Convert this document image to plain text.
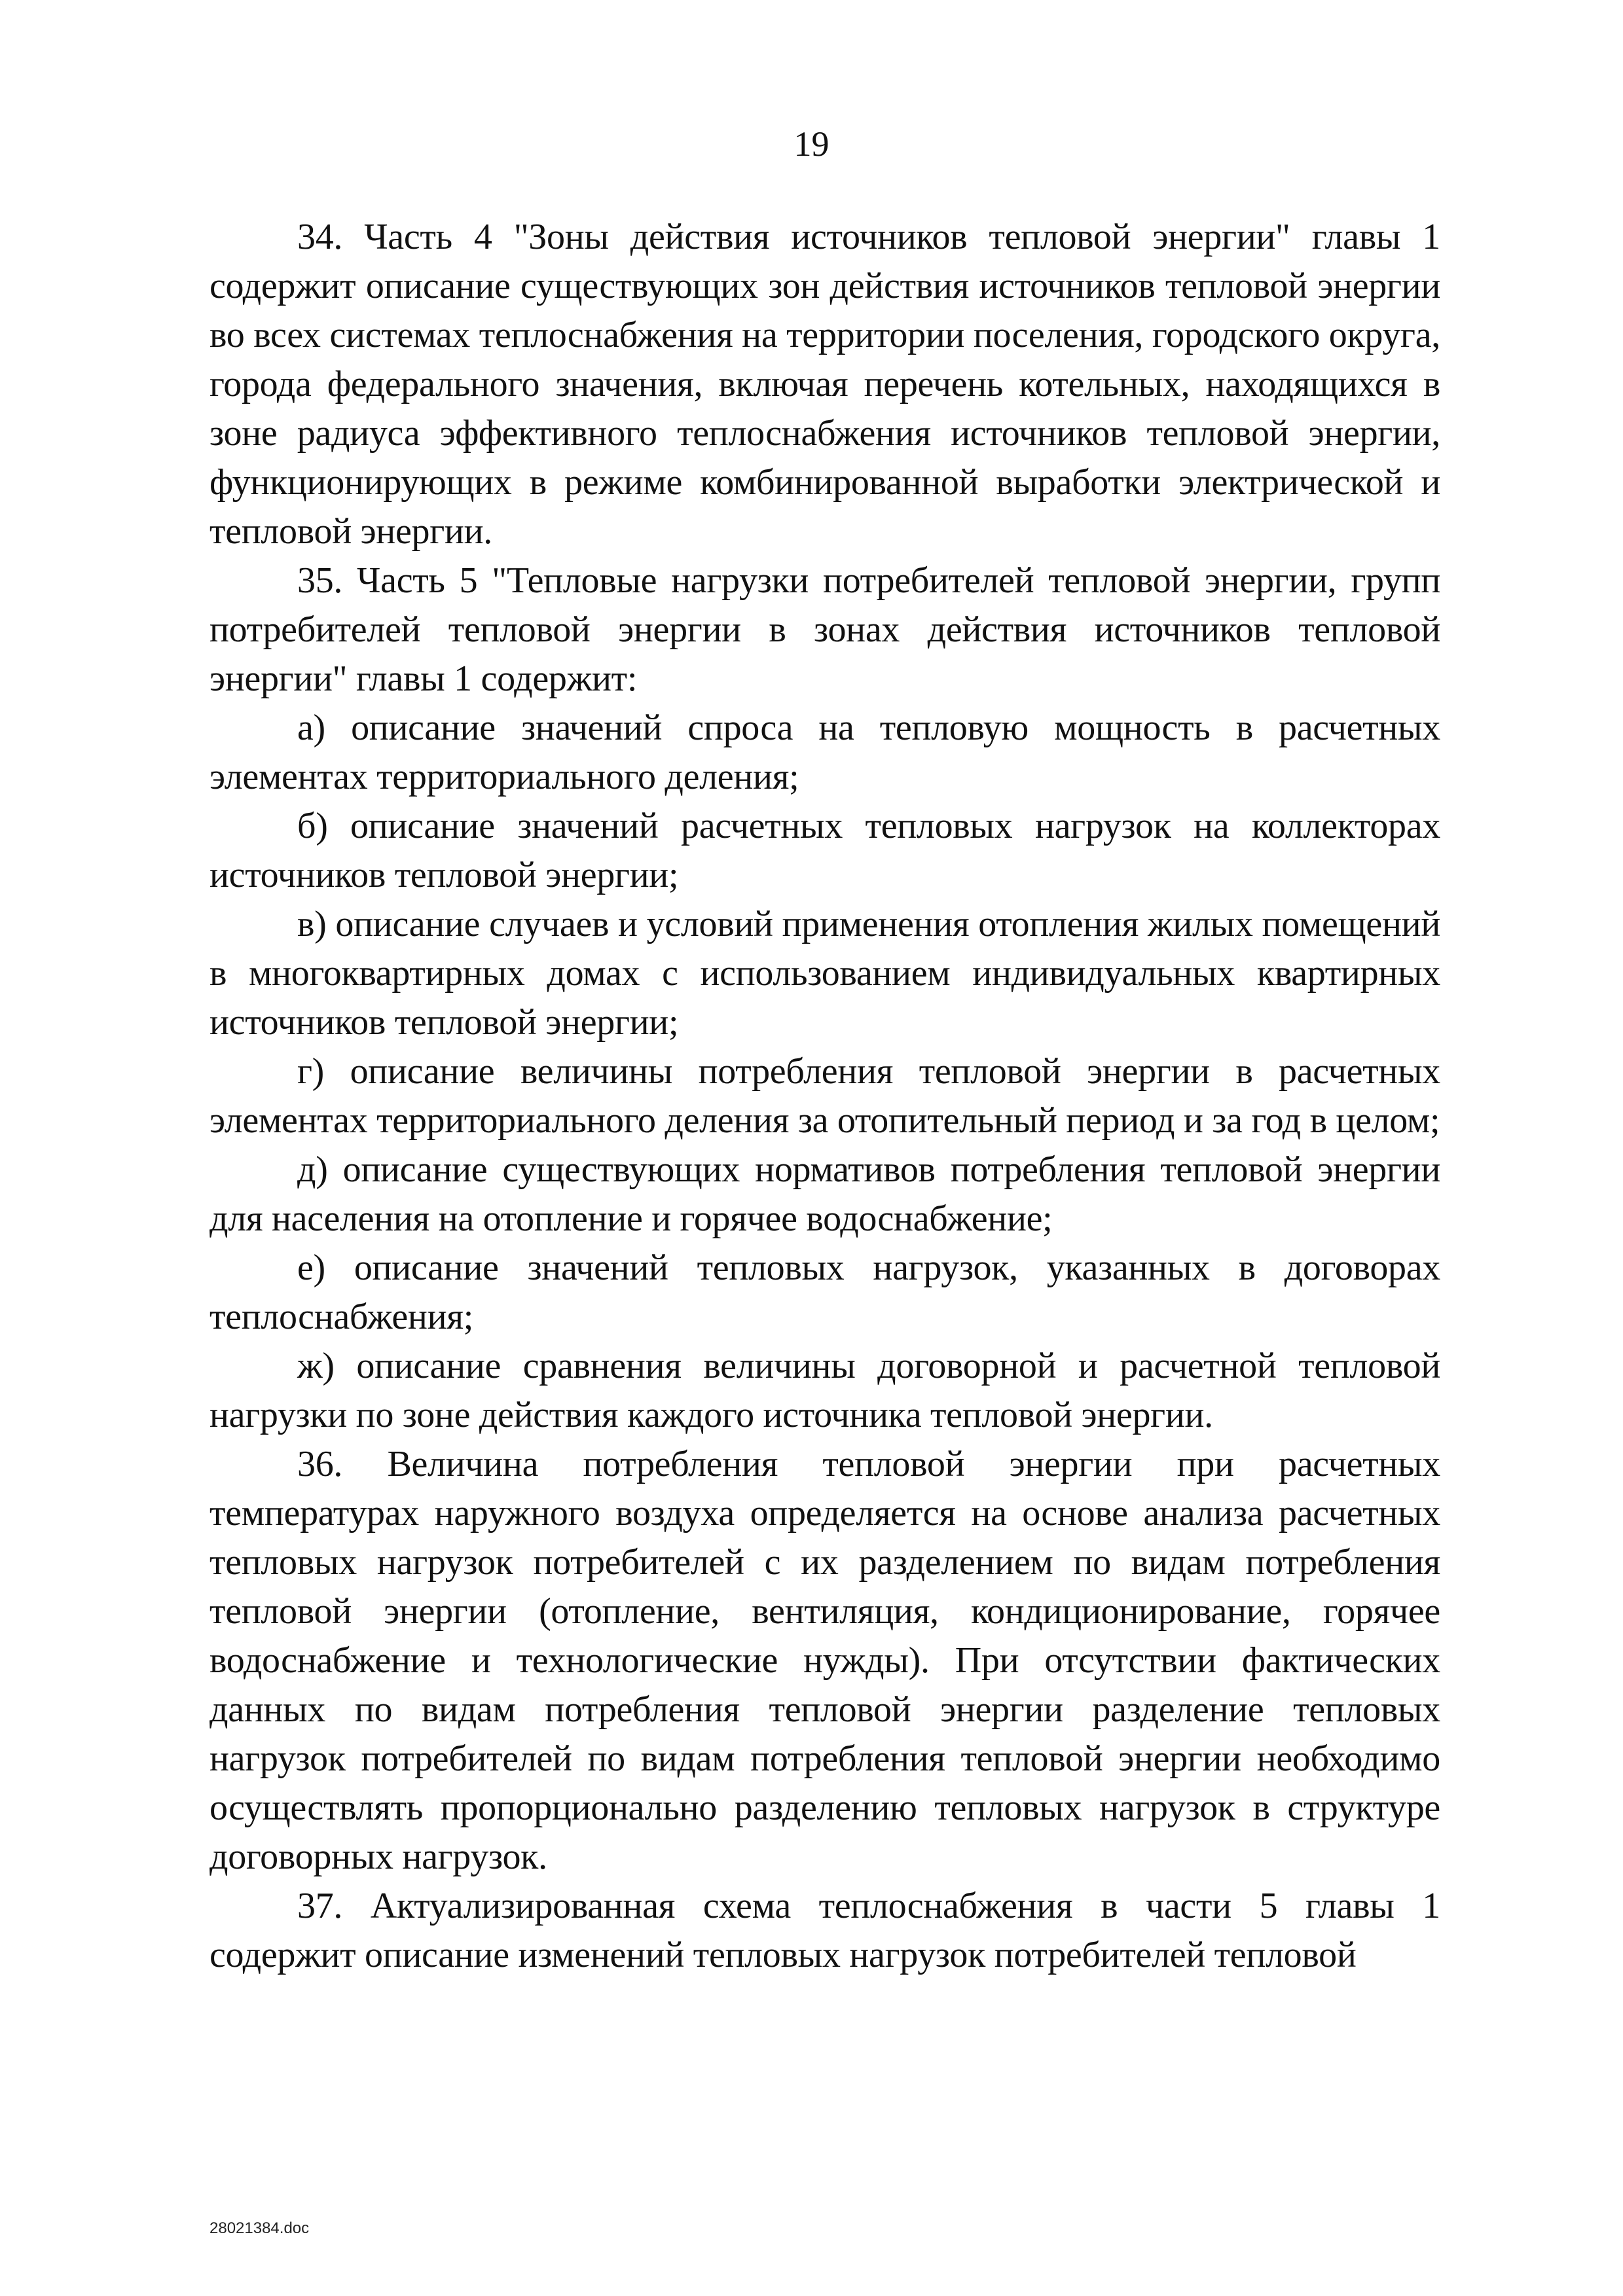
19

34. Часть 4 "Зоны действия источников тепловой энергии" главы 1 содержит описание существующих зон действия источников тепловой энергии во всех системах теплоснабжения на территории поселения, городского округа, города федерального значения, включая перечень котельных, находящихся в зоне радиуса эффективного теплоснабжения источников тепловой энергии, функционирующих в режиме комбинированной выработки электрической и тепловой энергии.

35. Часть 5 "Тепловые нагрузки потребителей тепловой энергии, групп потребителей тепловой энергии в зонах действия источников тепловой энергии" главы 1 содержит:

а) описание значений спроса на тепловую мощность в расчетных элементах территориального деления;

б) описание значений расчетных тепловых нагрузок на коллекторах источников тепловой энергии;

в) описание случаев и условий применения отопления жилых помещений в многоквартирных домах с использованием индивидуальных квартирных источников тепловой энергии;

г) описание величины потребления тепловой энергии в расчетных элементах территориального деления за отопительный период и за год в целом;

д) описание существующих нормативов потребления тепловой энергии для населения на отопление и горячее водоснабжение;

е) описание значений тепловых нагрузок, указанных в договорах теплоснабжения;

ж) описание сравнения величины договорной и расчетной тепловой нагрузки по зоне действия каждого источника тепловой энергии.

36. Величина потребления тепловой энергии при расчетных температурах наружного воздуха определяется на основе анализа расчетных тепловых нагрузок потребителей с их разделением по видам потребления тепловой энергии (отопление, вентиляция, кондиционирование, горячее водоснабжение и технологические нужды). При отсутствии фактических данных по видам потребления тепловой энергии разделение тепловых нагрузок потребителей по видам потребления тепловой энергии необходимо осуществлять пропорционально разделению тепловых нагрузок в структуре договорных нагрузок.

37. Актуализированная схема теплоснабжения в части 5 главы 1 содержит описание изменений тепловых нагрузок потребителей тепловой

28021384.doc
